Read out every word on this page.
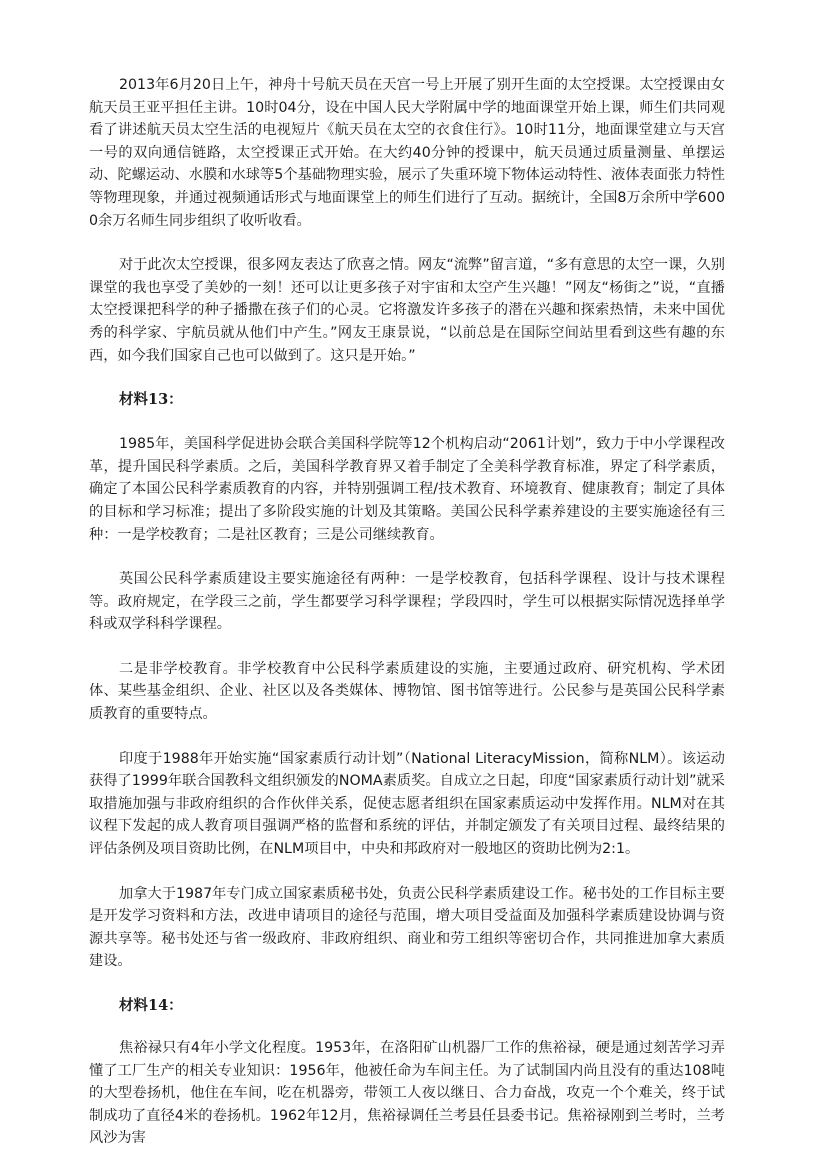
2013年6月20日上午，神舟十号航天员在天宫一号上开展了别开生面的太空授课。太空授课由女航天员王亚平担任主讲。10时04分，设在中国人民大学附属中学的地面课堂开始上课，师生们共同观看了讲述航天员太空生活的电视短片《航天员在太空的衣食住行》。10时11分，地面课堂建立与天宫一号的双向通信链路，太空授课正式开始。在大约40分钟的授课中，航天员通过质量测量、单摆运动、陀螺运动、水膜和水球等5个基础物理实验，展示了失重环境下物体运动特性、液体表面张力特性等物理现象，并通过视频通话形式与地面课堂上的师生们进行了互动。据统计，全国8万余所中学6000余万名师生同步组织了收听收看。

对于此次太空授课，很多网友表达了欣喜之情。网友“流弊”留言道，“多有意思的太空一课，久别课堂的我也享受了美妙的一刻！还可以让更多孩子对宇宙和太空产生兴趣！”网友“杨街之”说，“直播太空授课把科学的种子播撒在孩子们的心灵。它将激发许多孩子的潜在兴趣和探索热情，未来中国优秀的科学家、宇航员就从他们中产生。”网友王康景说，“以前总是在国际空间站里看到这些有趣的东西，如今我们国家自己也可以做到了。这只是开始。”

材料13：

1985年，美国科学促进协会联合美国科学院等12个机构启动“2061计划”，致力于中小学课程改革，提升国民科学素质。之后，美国科学教育界又着手制定了全美科学教育标准，界定了科学素质，确定了本国公民科学素质教育的内容，并特别强调工程/技术教育、环境教育、健康教育；制定了具体的目标和学习标准；提出了多阶段实施的计划及其策略。美国公民科学素养建设的主要实施途径有三种：一是学校教育；二是社区教育；三是公司继续教育。

英国公民科学素质建设主要实施途径有两种：一是学校教育，包括科学课程、设计与技术课程等。政府规定，在学段三之前，学生都要学习科学课程；学段四时，学生可以根据实际情况选择单学科或双学科科学课程。

二是非学校教育。非学校教育中公民科学素质建设的实施，主要通过政府、研究机构、学术团体、某些基金组织、企业、社区以及各类媒体、博物馆、图书馆等进行。公民参与是英国公民科学素质教育的重要特点。

印度于1988年开始实施“国家素质行动计划”（National LiteracyMission，简称NLM）。该运动获得了1999年联合国教科文组织颁发的NOMA素质奖。自成立之日起，印度“国家素质行动计划”就采取措施加强与非政府组织的合作伙伴关系，促使志愿者组织在国家素质运动中发挥作用。NLM对在其议程下发起的成人教育项目强调严格的监督和系统的评估，并制定颁发了有关项目过程、最终结果的评估条例及项目资助比例，在NLM项目中，中央和邦政府对一般地区的资助比例为2:1。

加拿大于1987年专门成立国家素质秘书处，负责公民科学素质建设工作。秘书处的工作目标主要是开发学习资料和方法，改进申请项目的途径与范围，增大项目受益面及加强科学素质建设协调与资源共享等。秘书处还与省一级政府、非政府组织、商业和劳工组织等密切合作，共同推进加拿大素质建设。

材料14：

焦裕禄只有4年小学文化程度。1953年，在洛阳矿山机器厂工作的焦裕禄，硬是通过刻苦学习弄懂了工厂生产的相关专业知识：1956年，他被任命为车间主任。为了试制国内尚且没有的重达108吨的大型卷扬机，他住在车间，吃在机器旁，带领工人夜以继日、合力奋战，攻克一个个难关，终于试制成功了直径4米的卷扬机。1962年12月，焦裕禄调任兰考县任县委书记。焦裕禄刚到兰考时，兰考风沙为害
